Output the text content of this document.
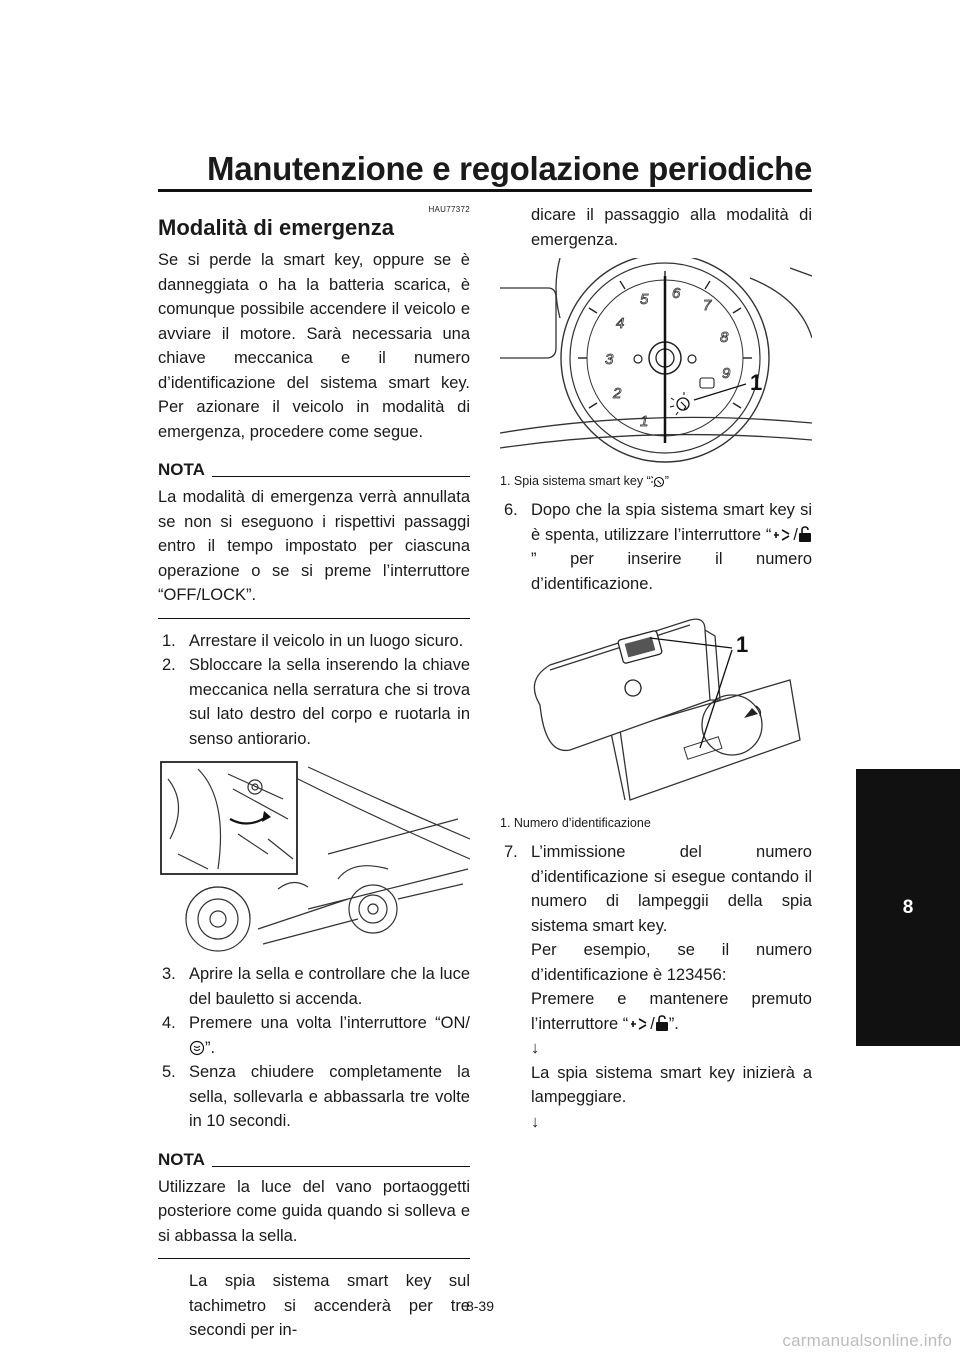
Manutenzione e regolazione periodiche
8
HAU77372
Modalità di emergenza

Se si perde la smart key, oppure se è danneggiata o ha la batteria scarica, è comunque possibile accendere il veicolo e avviare il motore. Sarà necessaria una chiave meccanica e il numero d’identificazione del sistema smart key. Per azionare il veicolo in modalità di emergenza, procedere come segue.

NOTA

La modalità di emergenza verrà annullata se non si eseguono i rispettivi passaggi entro il tempo impostato per ciascuna operazione o se si preme l’interruttore “OFF/LOCK”.

1. Arrestare il veicolo in un luogo sicuro.
2. Sbloccare la sella inserendo la chiave meccanica nella serratura che si trova sul lato destro del corpo e ruotarla in senso antiorario.
3. Aprire la sella e controllare che la luce del bauletto si accenda.
4. Premere una volta l’interruttore “ON/”.
5. Senza chiudere completamente la sella, sollevarla e abbassarla tre volte in 10 secondi.
NOTA

Utilizzare la luce del vano portaoggetti posteriore come guida quando si solleva e si abbassa la sella.

La spia sistema smart key sul tachimetro si accenderà per tre secondi per in-

dicare il passaggio alla modalità di emergenza.

1
2
3
4
5 6
7
8
9 1
1. Spia sistema smart key “ ”
6. Dopo che la spia sistema smart key si è spenta, utilizzare l’interruttore “ /” per inserire il numero d’identificazione.
1
1. Numero d’identificazione
7. L’immissione del numero d’identificazione si esegue contando il numero di lampeggii della spia sistema smart key.

Per esempio, se il numero d’identificazione è 123456:

Premere e mantenere premuto l’interruttore “ / ”.

↓

La spia sistema smart key inizierà a lampeggiare.

↓

8-39
carmanualsonline.info
